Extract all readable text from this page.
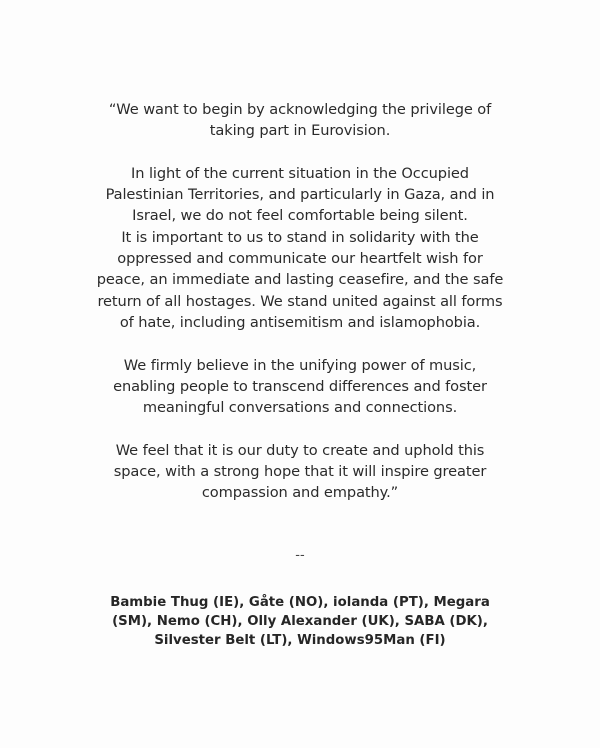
“We want to begin by acknowledging the privilege of
taking part in Eurovision.

In light of the current situation in the Occupied
Palestinian Territories, and particularly in Gaza, and in
Israel, we do not feel comfortable being silent.
It is important to us to stand in solidarity with the
oppressed and communicate our heartfelt wish for
peace, an immediate and lasting ceasefire, and the safe
return of all hostages. We stand united against all forms
of hate, including antisemitism and islamophobia.

We firmly believe in the unifying power of music,
enabling people to transcend differences and foster
meaningful conversations and connections.

We feel that it is our duty to create and uphold this
space, with a strong hope that it will inspire greater
compassion and empathy.”

--
Bambie Thug (IE), Gåte (NO), iolanda (PT), Megara
(SM), Nemo (CH), Olly Alexander (UK), SABA (DK),
Silvester Belt (LT), Windows95Man (FI)
